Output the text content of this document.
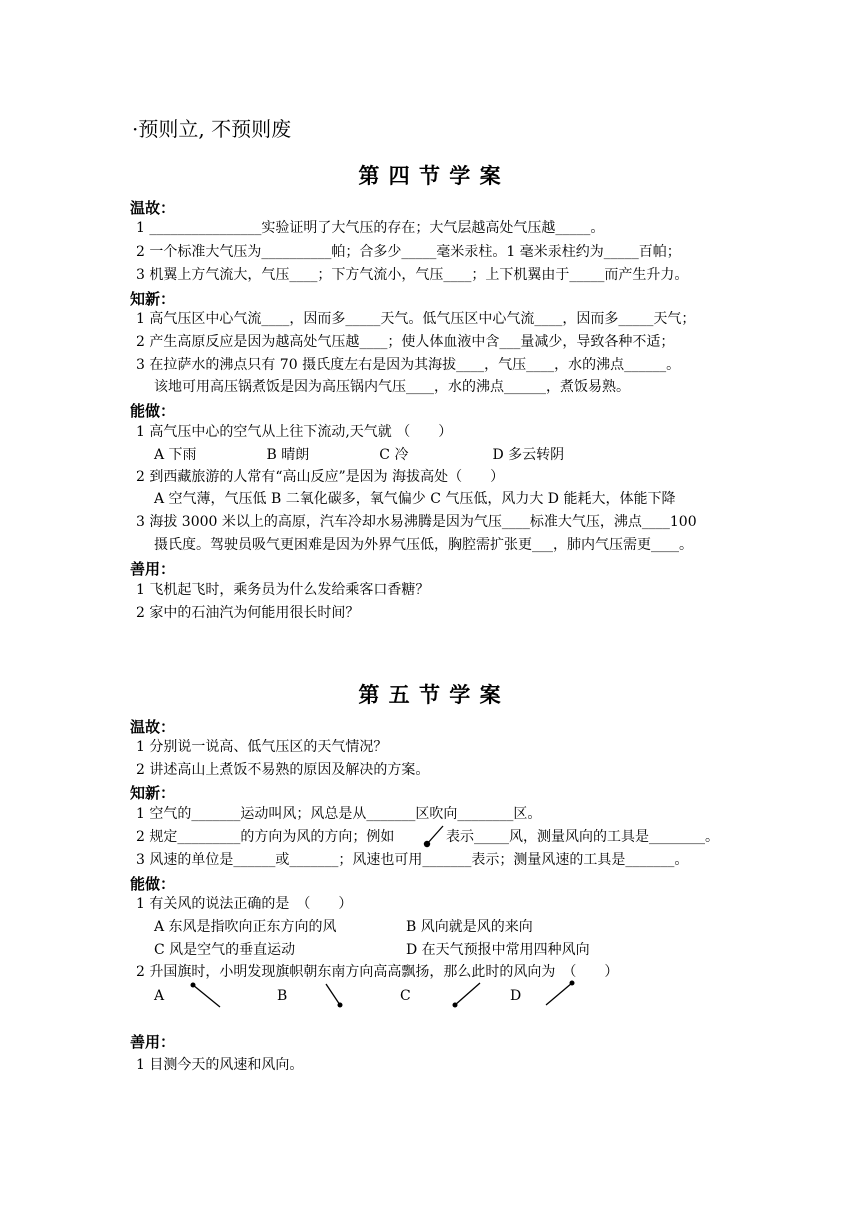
·预则立, 不预则废
第 四 节 学 案
温故：
1 ________________实验证明了大气压的存在；大气层越高处气压越_____。
2 一个标准大气压为__________帕；合多少_____毫米汞柱。1 毫米汞柱约为_____百帕；
3 机翼上方气流大，气压____；下方气流小，气压____；上下机翼由于_____而产生升力。
知新：
1 高气压区中心气流____，因而多_____天气。低气压区中心气流____，因而多_____天气；
2 产生高原反应是因为越高处气压越____；使人体血液中含___量减少，导致各种不适；
3 在拉萨水的沸点只有 70 摄氏度左右是因为其海拔____，气压____，水的沸点______。
该地可用高压锅煮饭是因为高压锅内气压____，水的沸点______，煮饭易熟。
能做：
1 高气压中心的空气从上往下流动,天气就 （　　）
A 下雨　　　　　B 晴朗　　　　　C 冷　　　　　　D 多云转阴
2 到西藏旅游的人常有“高山反应”是因为 海拔高处（　　）
A 空气薄，气压低 B 二氧化碳多，氧气偏少 C 气压低，风力大 D 能耗大，体能下降
3 海拔 3000 米以上的高原，汽车冷却水易沸腾是因为气压____标准大气压，沸点____100
摄氏度。驾驶员吸气更困难是因为外界气压低，胸腔需扩张更___，肺内气压需更____。
善用：
1 飞机起飞时，乘务员为什么发给乘客口香糖？
2 家中的石油汽为何能用很长时间？
第 五 节 学 案
温故：
1 分别说一说高、低气压区的天气情况？
2 讲述高山上煮饭不易熟的原因及解决的方案。
知新：
1 空气的_______运动叫风；风总是从_______区吹向________区。
2 规定_________的方向为风的方向；例如	表示_____风，测量风向的工具是________。
3 风速的单位是______或_______；风速也可用_______表示；测量风速的工具是_______。
能做：
1 有关风的说法正确的是　（　　）
A 东风是指吹向正东方向的风	B 风向就是风的来向
C 风是空气的垂直运动	D 在天气预报中常用四种风向
2 升国旗时，小明发现旗帜朝东南方向高高飘扬，那么此时的风向为　（　　）
A	B	C	D
善用：
1 目测今天的风速和风向。
